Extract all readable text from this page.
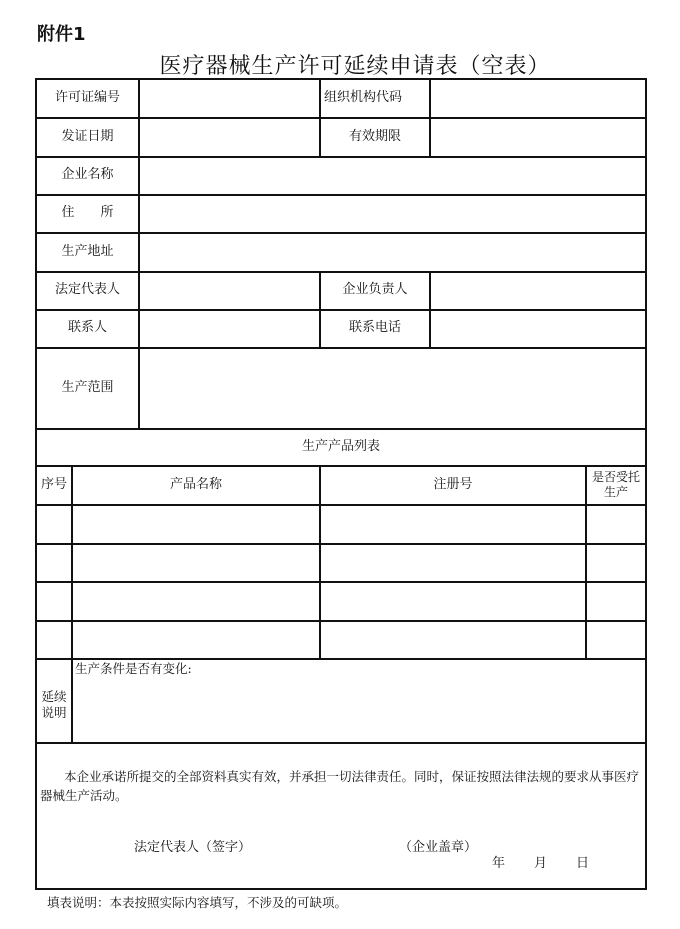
附件1
医疗器械生产许可延续申请表（空表）
许可证编号	组织机构代码
发证日期	有效期限
企业名称
住　　所
生产地址
法定代表人	企业负责人
联系人	联系电话
生产范围
生产产品列表
序号	产品名称	注册号	是否受托生产
延续说明
生产条件是否有变化:
本企业承诺所提交的全部资料真实有效，并承担一切法律责任。同时，保证按照法律法规的要求从事医疗器械生产活动。
法定代表人（签字）	（企业盖章）
年　　月　　日
填表说明：本表按照实际内容填写，不涉及的可缺项。
